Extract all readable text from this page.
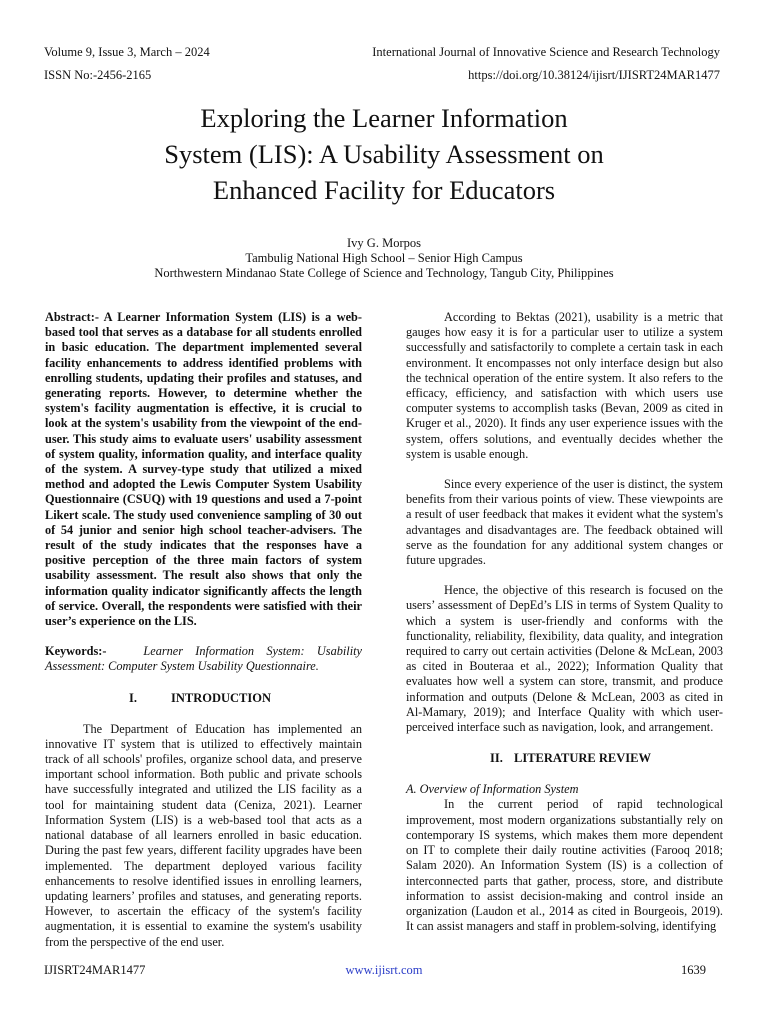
Volume 9, Issue 3, March – 2024
ISSN No:-2456-2165
International Journal of Innovative Science and Research Technology
https://doi.org/10.38124/ijisrt/IJISRT24MAR1477
Exploring the Learner Information
System (LIS): A Usability Assessment on
Enhanced Facility for Educators
Ivy G. Morpos
Tambulig National High School – Senior High Campus
Northwestern Mindanao State College of Science and Technology, Tangub City, Philippines

Abstract:- A Learner Information System (LIS) is a web-based tool that serves as a database for all students enrolled in basic education. The department implemented several facility enhancements to address identified problems with enrolling students, updating their profiles and statuses, and generating reports. However, to determine whether the system's facility augmentation is effective, it is crucial to look at the system's usability from the viewpoint of the end-user. This study aims to evaluate users' usability assessment of system quality, information quality, and interface quality of the system. A survey-type study that utilized a mixed method and adopted the Lewis Computer System Usability Questionnaire (CSUQ) with 19 questions and used a 7-point Likert scale. The study used convenience sampling of 30 out of 54 junior and senior high school teacher-advisers. The result of the study indicates that the responses have a positive perception of the three main factors of system usability assessment. The result also shows that only the information quality indicator significantly affects the length of service. Overall, the respondents were satisfied with their user’s experience on the LIS.

Keywords:-	Learner Information System: Usability Assessment: Computer System Usability Questionnaire.

I.	INTRODUCTION

The Department of Education has implemented an innovative IT system that is utilized to effectively maintain track of all schools' profiles, organize school data, and preserve important school information. Both public and private schools have successfully integrated and utilized the LIS facility as a tool for maintaining student data (Ceniza, 2021). Learner Information System (LIS) is a web-based tool that acts as a national database of all learners enrolled in basic education. During the past few years, different facility upgrades have been implemented. The department deployed various facility enhancements to resolve identified issues in enrolling learners, updating learners’ profiles and statuses, and generating reports. However, to ascertain the efficacy of the system's facility augmentation, it is essential to examine the system's usability from the perspective of the end user.

According to Bektas (2021), usability is a metric that gauges how easy it is for a particular user to utilize a system successfully and satisfactorily to complete a certain task in each environment. It encompasses not only interface design but also the technical operation of the entire system. It also refers to the efficacy, efficiency, and satisfaction with which users use computer systems to accomplish tasks (Bevan, 2009 as cited in Kruger et al., 2020). It finds any user experience issues with the system, offers solutions, and eventually decides whether the system is usable enough.

Since every experience of the user is distinct, the system benefits from their various points of view. These viewpoints are a result of user feedback that makes it evident what the system's advantages and disadvantages are. The feedback obtained will serve as the foundation for any additional system changes or future upgrades.

Hence, the objective of this research is focused on the users’ assessment of DepEd’s LIS in terms of System Quality to which a system is user-friendly and conforms with the functionality, reliability, flexibility, data quality, and integration required to carry out certain activities (Delone & McLean, 2003 as cited in Bouteraa et al., 2022); Information Quality that evaluates how well a system can store, transmit, and produce information and outputs (Delone & McLean, 2003 as cited in Al-Mamary, 2019); and Interface Quality with which user-perceived interface such as navigation, look, and arrangement.

II. LITERATURE REVIEW

A. Overview of Information System

In the current period of rapid technological improvement, most modern organizations substantially rely on contemporary IS systems, which makes them more dependent on IT to complete their daily routine activities (Farooq 2018; Salam 2020). An Information System (IS) is a collection of interconnected parts that gather, process, store, and distribute information to assist decision-making and control inside an organization (Laudon et al., 2014 as cited in Bourgeois, 2019). It can assist managers and staff in problem-solving, identifying

IJISRT24MAR1477	www.ijisrt.com	1639
